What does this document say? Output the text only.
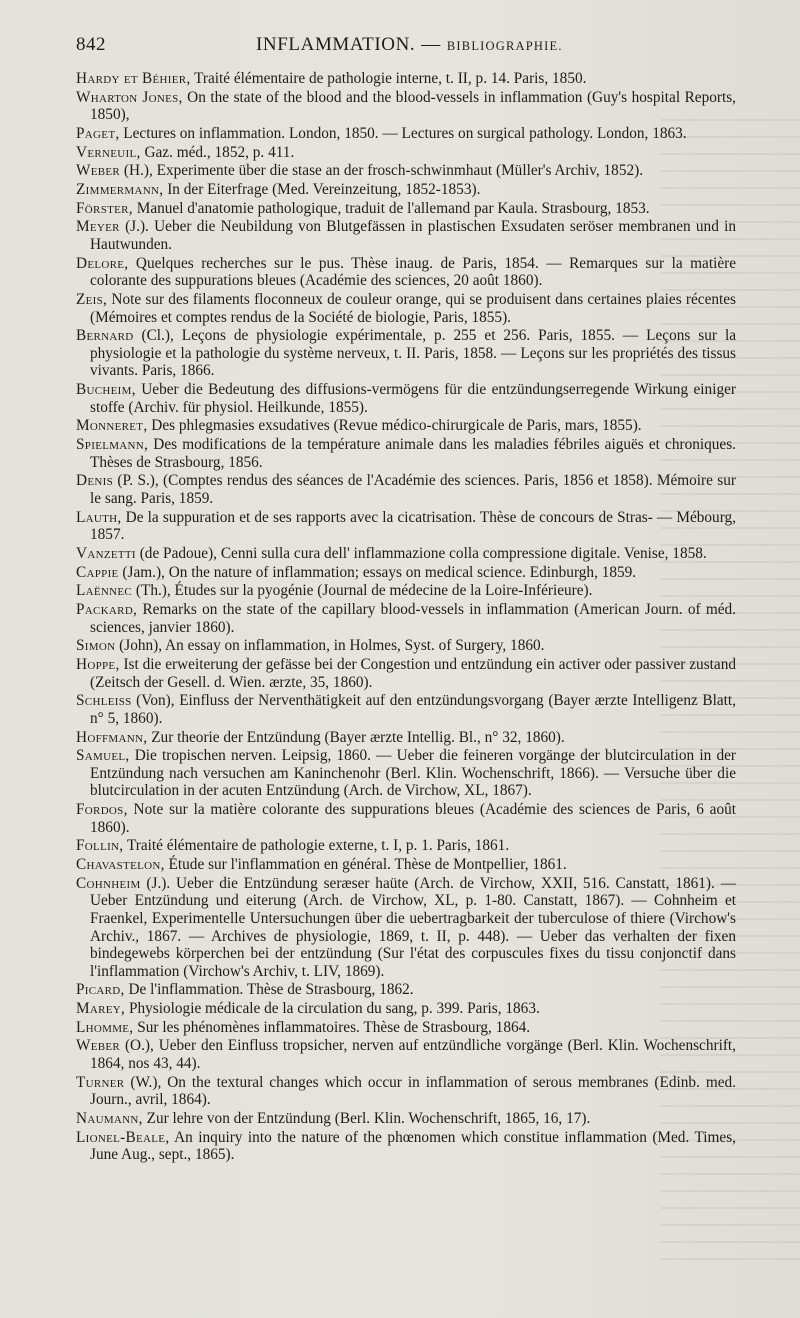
842	INFLAMMATION. — BIBLIOGRAPHIE.

Hardy et Béhier, Traité élémentaire de pathologie interne, t. II, p. 14. Paris, 1850.

Wharton Jones, On the state of the blood and the blood-vessels in inflammation (Guy's hospital Reports, 1850),

Paget, Lectures on inflammation. London, 1850. — Lectures on surgical pathology. London, 1863.

Verneuil, Gaz. méd., 1852, p. 411.

Weber (H.), Experimente über die stase an der frosch-schwinmhaut (Müller's Archiv, 1852).

Zimmermann, In der Eiterfrage (Med. Vereinzeitung, 1852-1853).

Förster, Manuel d'anatomie pathologique, traduit de l'allemand par Kaula. Strasbourg, 1853.

Meyer (J.). Ueber die Neubildung von Blutgefässen in plastischen Exsudaten seröser membranen und in Hautwunden.

Delore, Quelques recherches sur le pus. Thèse inaug. de Paris, 1854. — Remarques sur la matière colorante des suppurations bleues (Académie des sciences, 20 août 1860).

Zeis, Note sur des filaments floconneux de couleur orange, qui se produisent dans certaines plaies récentes (Mémoires et comptes rendus de la Société de biologie, Paris, 1855).

Bernard (Cl.), Leçons de physiologie expérimentale, p. 255 et 256. Paris, 1855. — Leçons sur la physiologie et la pathologie du système nerveux, t. II. Paris, 1858. — Leçons sur les propriétés des tissus vivants. Paris, 1866.

Bucheim, Ueber die Bedeutung des diffusions-vermögens für die entzündungserregende Wirkung einiger stoffe (Archiv. für physiol. Heilkunde, 1855).

Monneret, Des phlegmasies exsudatives (Revue médico-chirurgicale de Paris, mars, 1855).

Spielmann, Des modifications de la température animale dans les maladies fébriles aiguës et chroniques. Thèses de Strasbourg, 1856.

Denis (P. S.), (Comptes rendus des séances de l'Académie des sciences. Paris, 1856 et 1858). Mémoire sur le sang. Paris, 1859.

Lauth, De la suppuration et de ses rapports avec la cicatrisation. Thèse de concours de Stras- — Mébourg, 1857.

Vanzetti (de Padoue), Cenni sulla cura dell' inflammazione colla compressione digitale. Venise, 1858.

Cappie (Jam.), On the nature of inflammation; essays on medical science. Edinburgh, 1859.

Laënnec (Th.), Études sur la pyogénie (Journal de médecine de la Loire-Inférieure).

Packard, Remarks on the state of the capillary blood-vessels in inflammation (American Journ. of méd. sciences, janvier 1860).

Simon (John), An essay on inflammation, in Holmes, Syst. of Surgery, 1860.

Hoppe, Ist die erweiterung der gefässe bei der Congestion und entzündung ein activer oder passiver zustand (Zeitsch der Gesell. d. Wien. ærzte, 35, 1860).

Schleiss (Von), Einfluss der Nerventhätigkeit auf den entzündungsvorgang (Bayer ærzte Intelligenz Blatt, n° 5, 1860).

Hoffmann, Zur theorie der Entzündung (Bayer ærzte Intellig. Bl., n° 32, 1860).

Samuel, Die tropischen nerven. Leipsig, 1860. — Ueber die feineren vorgänge der blutcirculation in der Entzündung nach versuchen am Kaninchenohr (Berl. Klin. Wochenschrift, 1866). — Versuche über die blutcirculation in der acuten Entzündung (Arch. de Virchow, XL, 1867).

Fordos, Note sur la matière colorante des suppurations bleues (Académie des sciences de Paris, 6 août 1860).

Follin, Traité élémentaire de pathologie externe, t. I, p. 1. Paris, 1861.

Chavastelon, Étude sur l'inflammation en général. Thèse de Montpellier, 1861.

Cohnheim (J.). Ueber die Entzündung seræser haüte (Arch. de Virchow, XXII, 516. Canstatt, 1861). — Ueber Entzündung und eiterung (Arch. de Virchow, XL, p. 1-80. Canstatt, 1867). — Cohnheim et Fraenkel, Experimentelle Untersuchungen über die uebertragbarkeit der tuberculose of thiere (Virchow's Archiv., 1867. — Archives de physiologie, 1869, t. II, p. 448). — Ueber das verhalten der fixen bindegewebs körperchen bei der entzündung (Sur l'état des corpuscules fixes du tissu conjonctif dans l'inflammation (Virchow's Archiv, t. LIV, 1869).

Picard, De l'inflammation. Thèse de Strasbourg, 1862.

Marey, Physiologie médicale de la circulation du sang, p. 399. Paris, 1863.

Lhomme, Sur les phénomènes inflammatoires. Thèse de Strasbourg, 1864.

Weber (O.), Ueber den Einfluss tropsicher, nerven auf entzündliche vorgänge (Berl. Klin. Wochenschrift, 1864, nos 43, 44).

Turner (W.), On the textural changes which occur in inflammation of serous membranes (Edinb. med. Journ., avril, 1864).

Naumann, Zur lehre von der Entzündung (Berl. Klin. Wochenschrift, 1865, 16, 17).

Lionel-Beale, An inquiry into the nature of the phœnomen which constitue inflammation (Med. Times, June Aug., sept., 1865).
